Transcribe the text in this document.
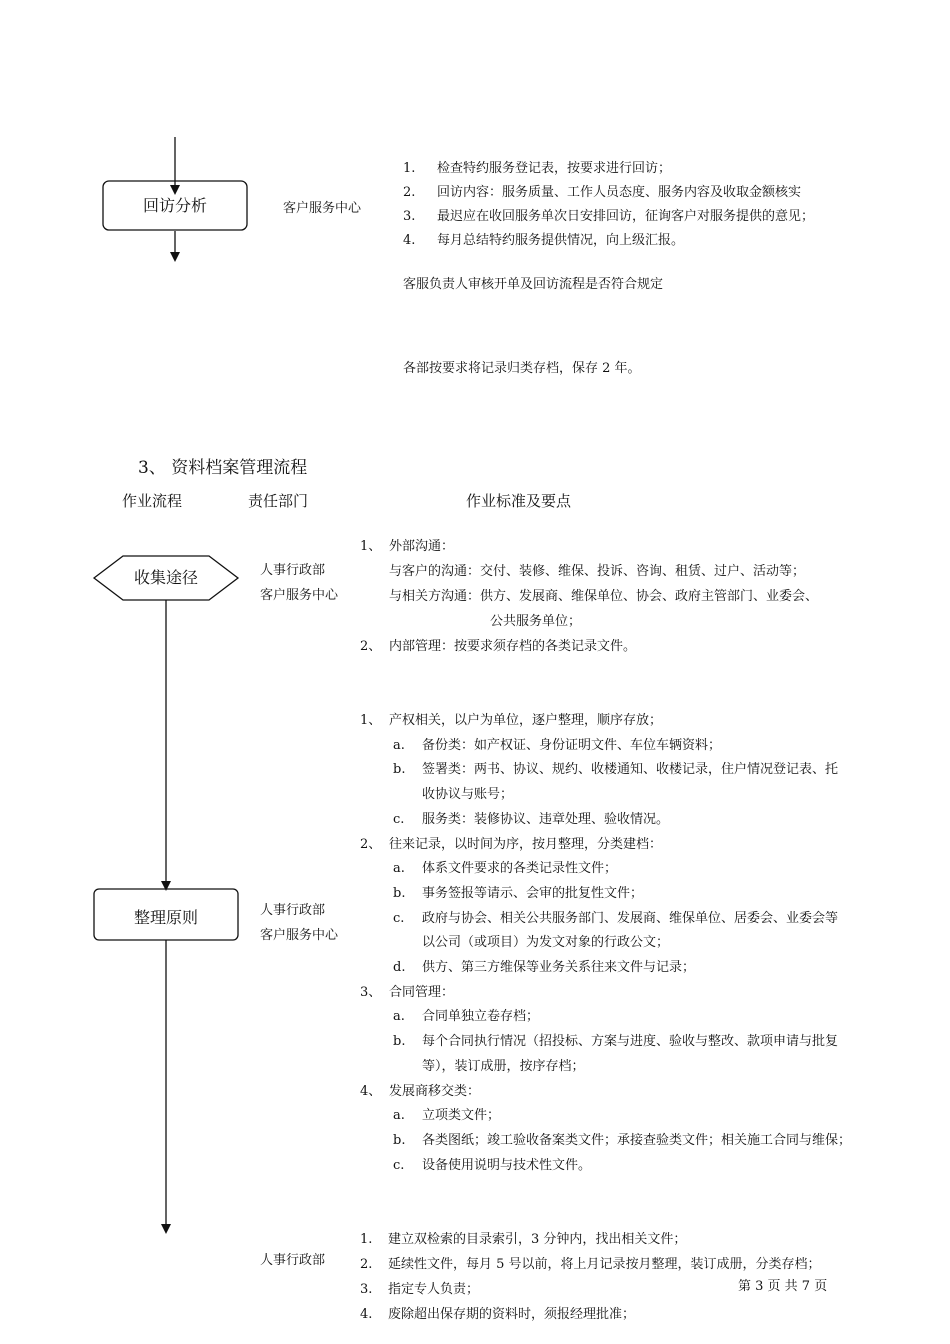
回访分析	客户服务中心
1. 检查特约服务登记表，按要求进行回访；
2. 回访内容：服务质量、工作人员态度、服务内容及收取金额核实
3. 最迟应在收回服务单次日安排回访，征询客户对服务提供的意见；
4. 每月总结特约服务提供情况，向上级汇报。
客服负责人审核开单及回访流程是否符合规定
各部按要求将记录归类存档，保存 2 年。
3、 资料档案管理流程
作业流程	责任部门	作业标准及要点
收集途径	人事行政部
客户服务中心
1、 外部沟通：
与客户的沟通：交付、装修、维保、投诉、咨询、租赁、过户、活动等；
与相关方沟通：供方、发展商、维保单位、协会、政府主管部门、业委会、
公共服务单位；
2、 内部管理：按要求须存档的各类记录文件。
整理原则	人事行政部
客户服务中心
1、 产权相关，以户为单位，逐户整理，顺序存放；
a. 备份类：如产权证、身份证明文件、车位车辆资料；
b. 签署类：两书、协议、规约、收楼通知、收楼记录，住户情况登记表、托
收协议与账号；
c. 服务类：装修协议、违章处理、验收情况。
2、 往来记录，以时间为序，按月整理，分类建档：
a. 体系文件要求的各类记录性文件；
b. 事务签报等请示、会审的批复性文件；
c. 政府与协会、相关公共服务部门、发展商、维保单位、居委会、业委会等
以公司（或项目）为发文对象的行政公文；
d. 供方、第三方维保等业务关系往来文件与记录；
3、 合同管理：
a. 合同单独立卷存档；
b. 每个合同执行情况（招投标、方案与进度、验收与整改、款项申请与批复
等），装订成册，按序存档；
4、 发展商移交类：
a. 立项类文件；
b. 各类图纸；竣工验收备案类文件；承接查验类文件；相关施工合同与维保；
c. 设备使用说明与技术性文件。
人事行政部
1. 建立双检索的目录索引，3 分钟内，找出相关文件；
2. 延续性文件，每月 5 号以前，将上月记录按月整理，装订成册，分类存档；
3. 指定专人负责；
4. 废除超出保存期的资料时，须报经理批准；
第 3 页 共 7 页
